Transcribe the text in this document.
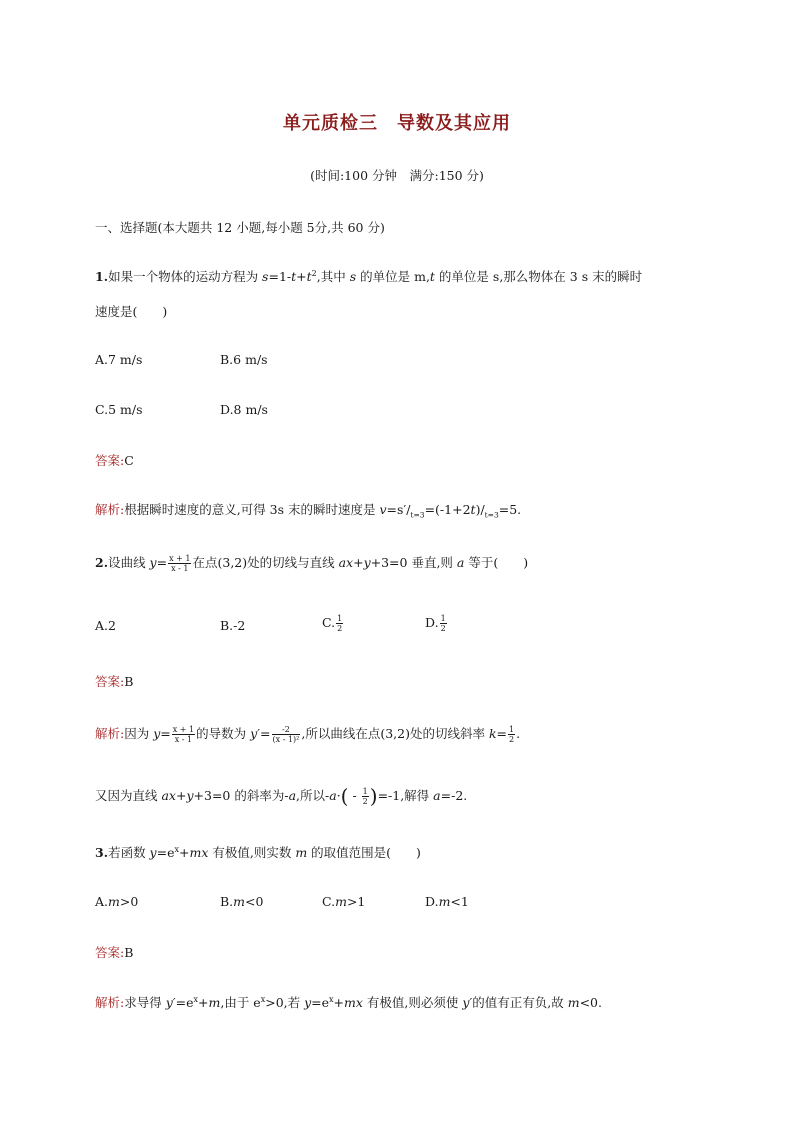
单元质检三　导数及其应用
(时间:100 分钟　满分:150 分)
一、选择题(本大题共 12 小题,每小题 5分,共 60 分)
1.如果一个物体的运动方程为 $s=1-t+t^2$,其中 s 的单位是 m,t 的单位是 s,那么物体在 3 s 末的瞬时
速度是(　　)
A.7 m/s	B.6 m/s
C.5 m/s	D.8 m/s
答案:C
解析:根据瞬时速度的意义,可得 3s 末的瞬时速度是 $v=s'/_{t=3}=(-1+2t)/_{t=3}=5$.
2.设曲线 $y= \frac{x + 1}{x - 1}$ 在点(3,2)处的切线与直线 ax+y+3=0 垂直,则 a 等于(　　)
A.2	B.-2	C. $\frac{1}{2}$	D. $\frac{1}{2}$
答案:B
解析:因为 $y= \frac{x + 1}{x - 1}$ 的导数为 $y'= \frac{-2}{\text{(x - 1)²}}$ ,所以曲线在点(3,2)处的切线斜率 $k= \frac{1}{2}$ .
又因为直线 ax+y+3=0 的斜率为-a,所以$-a\cdot( - \frac{1}{2} )=-1$,解得 a=-2.
3.若函数 $y=e^x+mx$ 有极值,则实数 m 的取值范围是(　　)
A.m>0	B.m<0	C.m>1	D.m<1
答案:B
解析:求导得 $y'=e^x+m$,由于 $e^x>0$,若 $y=e^x+mx$ 有极值,则必须使 y′的值有正有负,故 m<0.
